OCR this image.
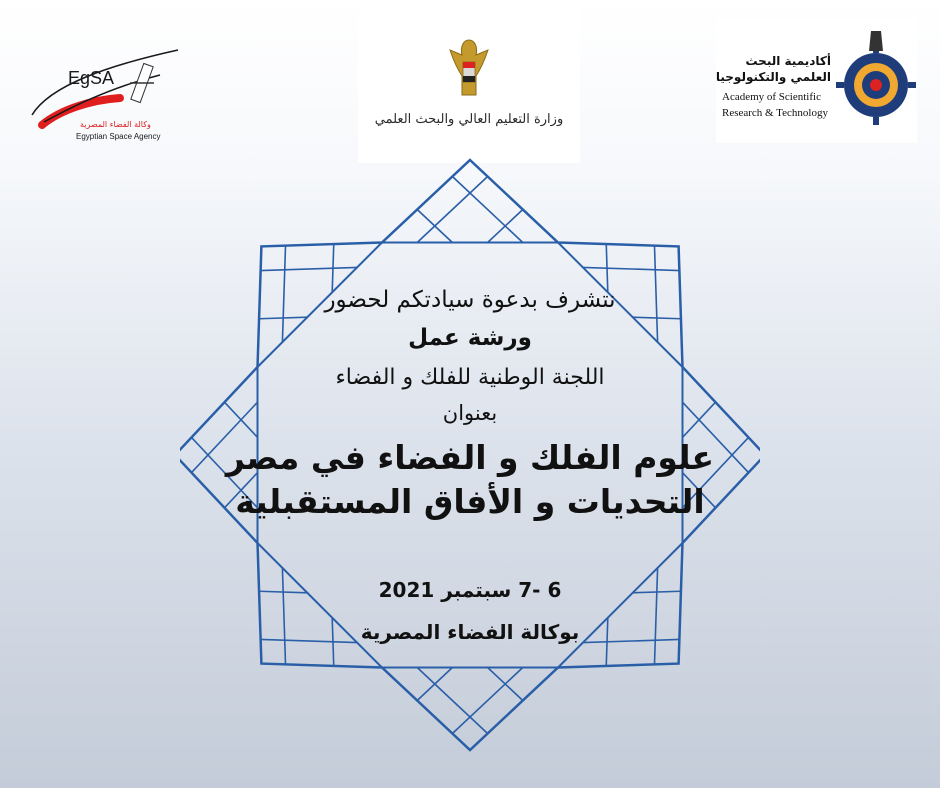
EgSA
وكالة الفضاء المصرية
Egyptian Space Agency
وزارة التعليم العالي والبحث العلمي
أكاديمية البحث
العلمي والتكنولوجيا
Academy of Scientific
Research & Technology
نتشرف بدعوة سيادتكم لحضور
ورشة عمل
اللجنة الوطنية للفلك و الفضاء
بعنوان
علوم الفلك و الفضاء في مصر
التحديات و الأفاق المستقبلية
6 -7 سبتمبر 2021
بوكالة الفضاء المصرية
